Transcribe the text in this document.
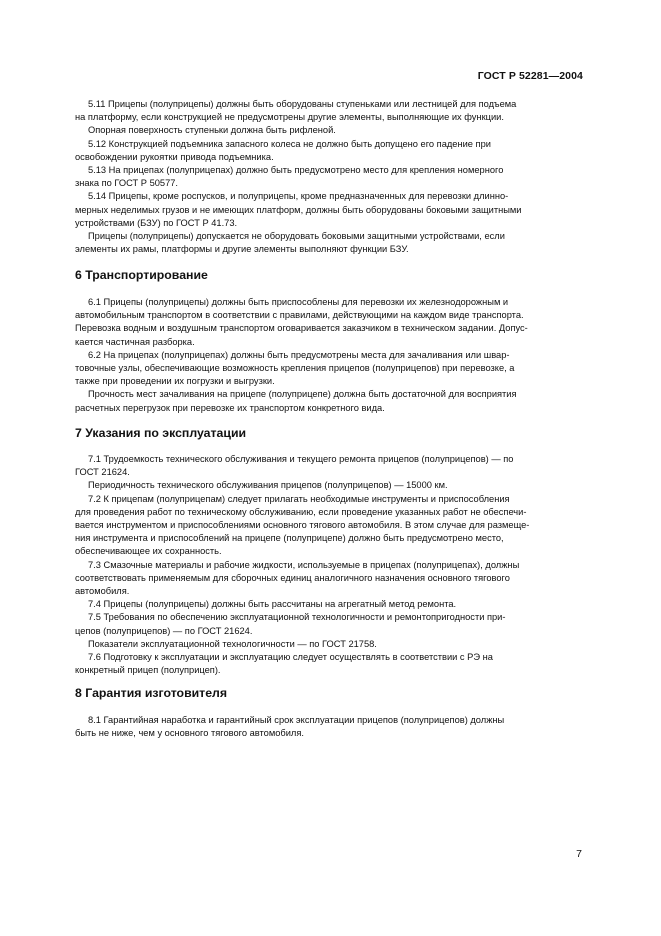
ГОСТ Р 52281—2004
5.11 Прицепы (полуприцепы) должны быть оборудованы ступеньками или лестницей для подъема
на платформу, если конструкцией не предусмотрены другие элементы, выполняющие их функции.
Опорная поверхность ступеньки должна быть рифленой.
5.12 Конструкцией подъемника запасного колеса не должно быть допущено его падение при
освобождении рукоятки привода подъемника.
5.13 На прицепах (полуприцепах) должно быть предусмотрено место для крепления номерного
знака по ГОСТ Р 50577.
5.14 Прицепы, кроме роспусков, и полуприцепы, кроме предназначенных для перевозки длинно-
мерных неделимых грузов и не имеющих платформ, должны быть оборудованы боковыми защитными
устройствами (БЗУ) по ГОСТ Р 41.73.
Прицепы (полуприцепы) допускается не оборудовать боковыми защитными устройствами, если
элементы их рамы, платформы и другие элементы выполняют функции БЗУ.
6 Транспортирование
6.1 Прицепы (полуприцепы) должны быть приспособлены для перевозки их железнодорожным и
автомобильным транспортом в соответствии с правилами, действующими на каждом виде транспорта.
Перевозка водным и воздушным транспортом оговаривается заказчиком в техническом задании. Допус-
кается частичная разборка.
6.2 На прицепах (полуприцепах) должны быть предусмотрены места для зачаливания или швар-
товочные узлы, обеспечивающие возможность крепления прицепов (полуприцепов) при перевозке, а
также при проведении их погрузки и выгрузки.
Прочность мест зачаливания на прицепе (полуприцепе) должна быть достаточной для восприятия
расчетных перегрузок при перевозке их транспортом конкретного вида.
7 Указания по эксплуатации
7.1 Трудоемкость технического обслуживания и текущего ремонта прицепов (полуприцепов) — по
ГОСТ 21624.
Периодичность технического обслуживания прицепов (полуприцепов) — 15000 км.
7.2 К прицепам (полуприцепам) следует прилагать необходимые инструменты и приспособления
для проведения работ по техническому обслуживанию, если проведение указанных работ не обеспечи-
вается инструментом и приспособлениями основного тягового автомобиля. В этом случае для размеще-
ния инструмента и приспособлений на прицепе (полуприцепе) должно быть предусмотрено место,
обеспечивающее их сохранность.
7.3 Смазочные материалы и рабочие жидкости, используемые в прицепах (полуприцепах), должны
соответствовать применяемым для сборочных единиц аналогичного назначения основного тягового
автомобиля.
7.4 Прицепы (полуприцепы) должны быть рассчитаны на агрегатный метод ремонта.
7.5 Требования по обеспечению эксплуатационной технологичности и ремонтопригодности при-
цепов (полуприцепов) — по ГОСТ 21624.
Показатели эксплуатационной технологичности — по ГОСТ 21758.
7.6 Подготовку к эксплуатации и эксплуатацию следует осуществлять в соответствии с РЭ на
конкретный прицеп (полуприцеп).
8 Гарантия изготовителя
8.1 Гарантийная наработка и гарантийный срок эксплуатации прицепов (полуприцепов) должны
быть не ниже, чем у основного тягового автомобиля.
7
